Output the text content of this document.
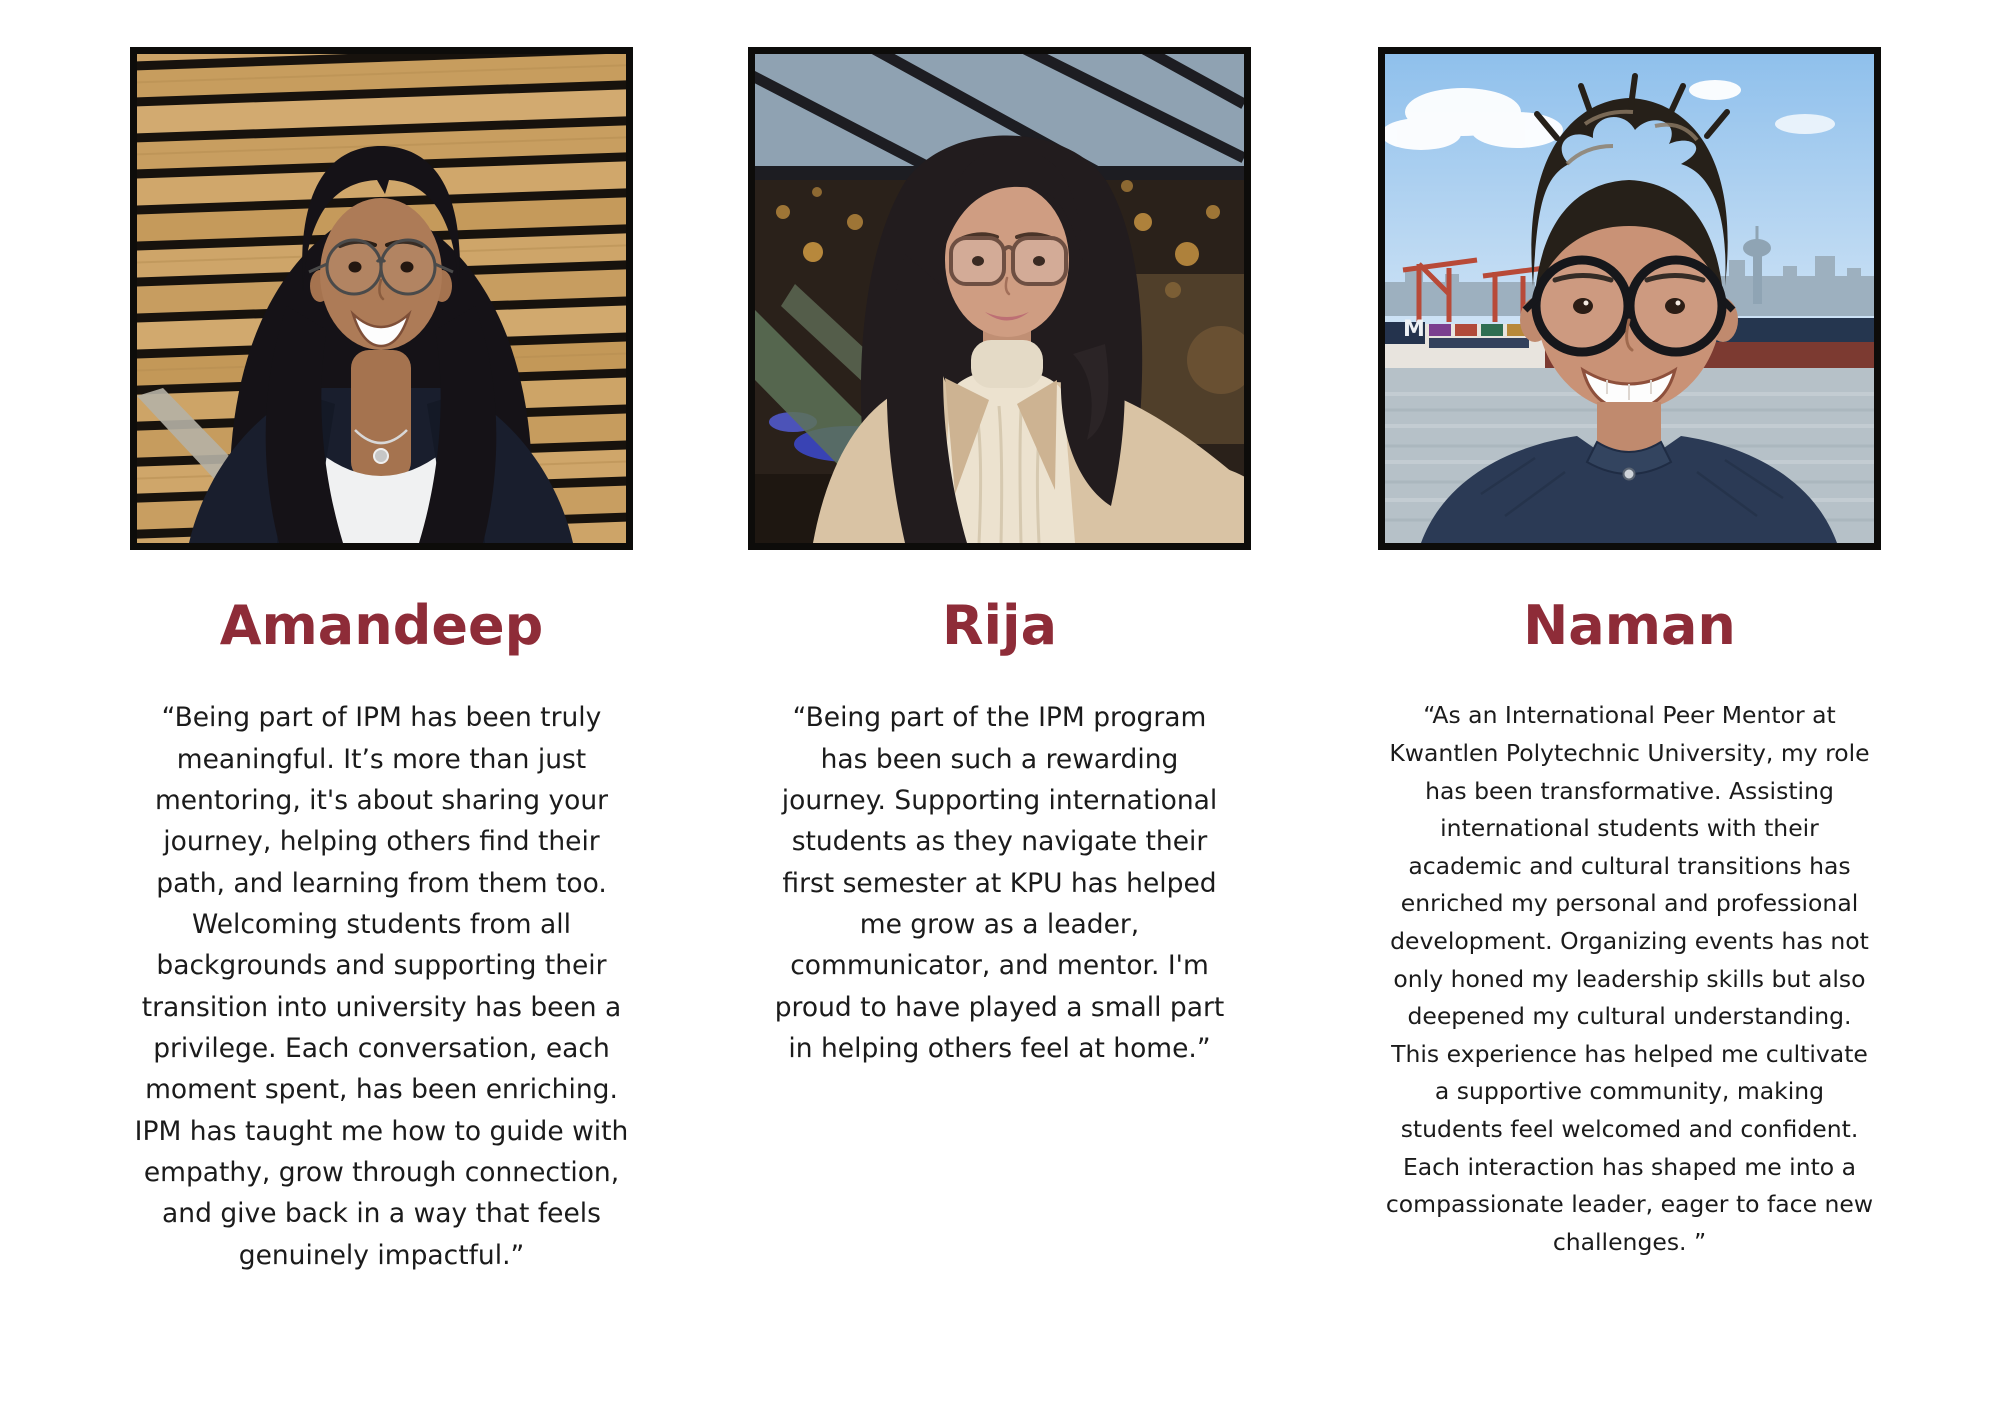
Amandeep

“Being part of IPM has been truly meaningful. It’s more than just mentoring, it's about sharing your journey, helping others find their path, and learning from them too. Welcoming students from all backgrounds and supporting their transition into university has been a privilege. Each conversation, each moment spent, has been enriching. IPM has taught me how to guide with empathy, grow through connection, and give back in a way that feels genuinely impactful.”

Rija

“Being part of the IPM program has been such a rewarding journey. Supporting international students as they navigate their first semester at KPU has helped me grow as a leader, communicator, and mentor. I'm proud to have played a small part in helping others feel at home.”

M
Naman

“As an International Peer Mentor at Kwantlen Polytechnic University, my role has been transformative. Assisting international students with their academic and cultural transitions has enriched my personal and professional development. Organizing events has not only honed my leadership skills but also deepened my cultural understanding. This experience has helped me cultivate a supportive community, making students feel welcomed and confident. Each interaction has shaped me into a compassionate leader, eager to face new challenges. ”
